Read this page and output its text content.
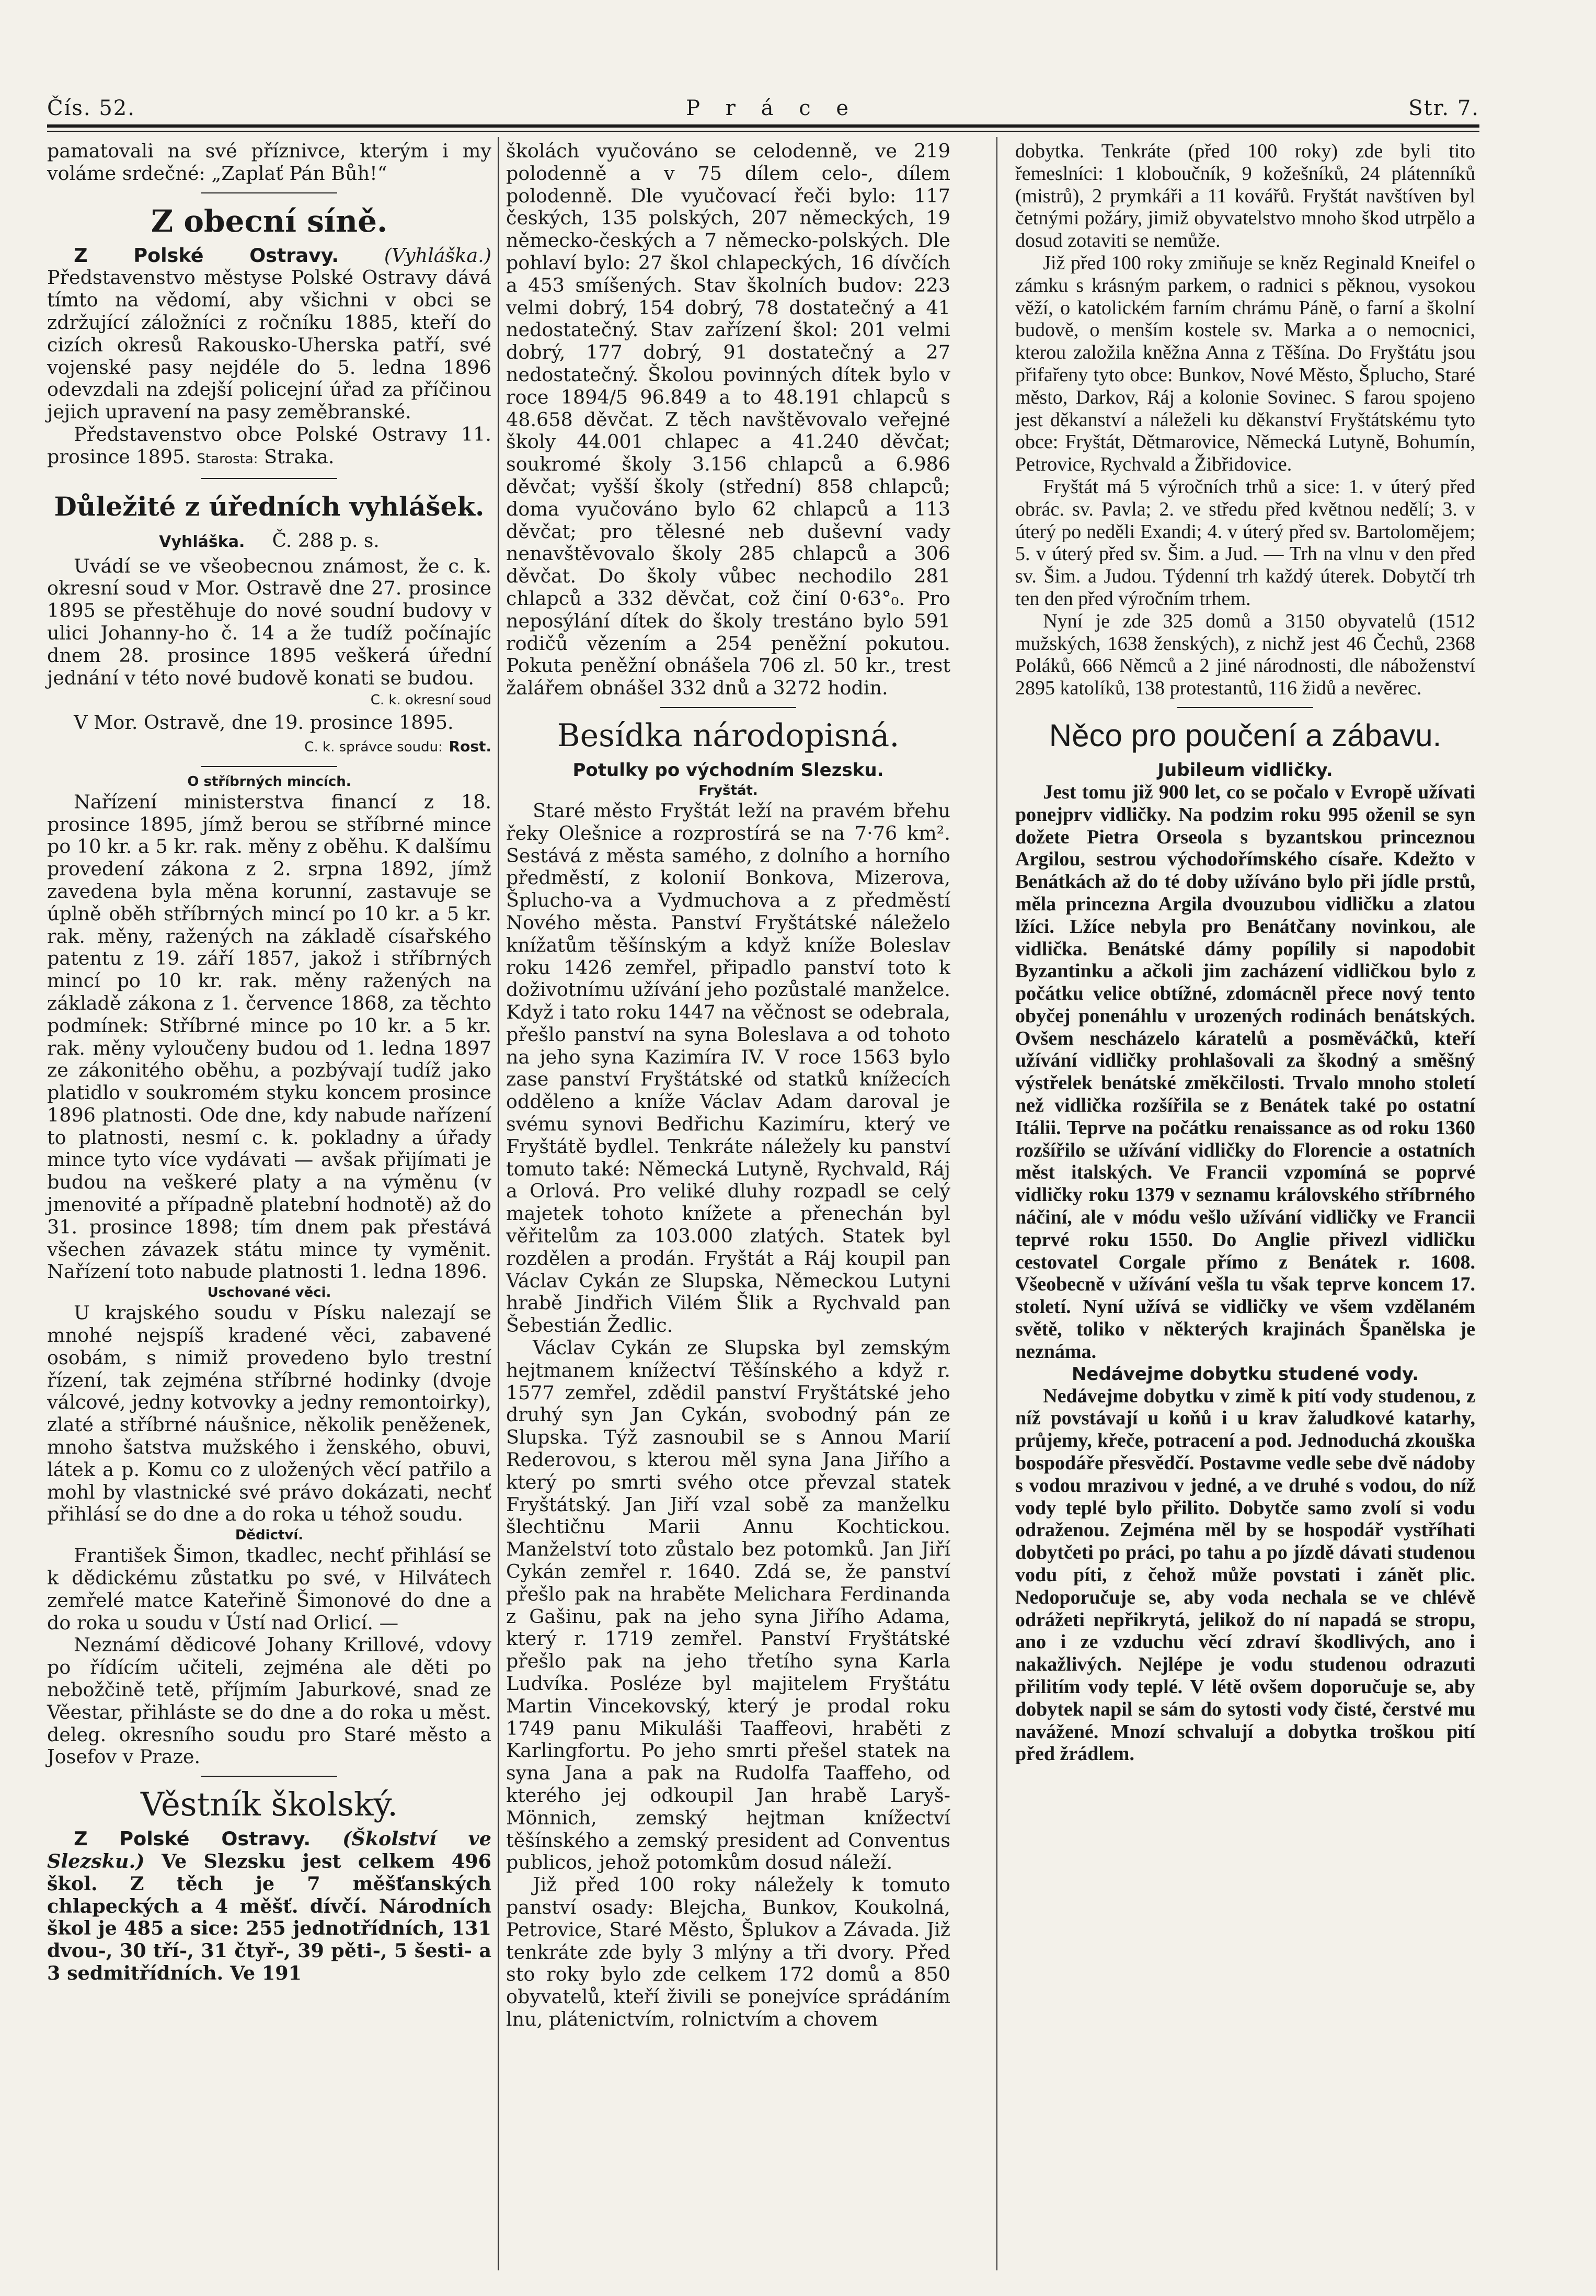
Čís. 52.	P r á c e	Str. 7.

pamatovali na své příznivce, kterým i my voláme srdečné: „Zaplať Pán Bůh!“

Z obecní síně.

Z Polské Ostravy. (Vyhláška.) Představenstvo městyse Polské Ostravy dává tímto na vědomí, aby všichni v obci se zdržující záložníci z ročníku 1885, kteří do cizích okresů Rakousko-Uherska patří, své vojenské pasy nejdéle do 5. ledna 1896 odevzdali na zdejší policejní úřad za příčinou jejich upravení na pasy zeměbranské.

Představenstvo obce Polské Ostravy 11. prosince 1895. Starosta: Straka.

Důležité z úředních vyhlášek.
Vyhláška. Č. 288 p. s.

Uvádí se ve všeobecnou známost, že c. k. okresní soud v Mor. Ostravě dne 27. prosince 1895 se přestěhuje do nové soudní budovy v ulici Johanny-ho č. 14 a že tudíž počínajíc dnem 28. prosince 1895 veškerá úřední jednání v této nové budově konati se budou.

C. k. okresní soud

V Mor. Ostravě, dne 19. prosince 1895.

C. k. správce soudu: Rost.
O stříbrných mincích.

Nařízení ministerstva financí z 18. prosince 1895, jímž berou se stříbrné mince po 10 kr. a 5 kr. rak. měny z oběhu. K dalšímu provedení zákona z 2. srpna 1892, jímž zavedena byla měna korunní, zastavuje se úplně oběh stříbrných mincí po 10 kr. a 5 kr. rak. měny, ražených na základě císařského patentu z 19. září 1857, jakož i stříbrných mincí po 10 kr. rak. měny ražených na základě zákona z 1. července 1868, za těchto podmínek: Stříbrné mince po 10 kr. a 5 kr. rak. měny vyloučeny budou od 1. ledna 1897 ze zákonitého oběhu, a pozbývají tudíž jako platidlo v soukromém styku koncem prosince 1896 platnosti. Ode dne, kdy nabude nařízení to platnosti, nesmí c. k. pokladny a úřady mince tyto více vydávati — avšak přijímati je budou na veškeré platy a na výměnu (v jmenovité a případně platební hodnotě) až do 31. prosince 1898; tím dnem pak přestává všechen závazek státu mince ty vyměnit. Nařízení toto nabude platnosti 1. ledna 1896.

Uschované věci.

U krajského soudu v Písku nalezají se mnohé nejspíš kradené věci, zabavené osobám, s nimiž provedeno bylo trestní řízení, tak zejména stříbrné hodinky (dvoje válcové, jedny kotvovky a jedny remontoirky), zlaté a stříbrné náušnice, několik peněženek, mnoho šatstva mužského i ženského, obuvi, látek a p. Komu co z uložených věcí patřilo a mohl by vlastnické své právo dokázati, nechť přihlásí se do dne a do roka u téhož soudu.

Dědictví.

František Šimon, tkadlec, nechť přihlásí se k dědickému zůstatku po své, v Hilvátech zemřelé matce Kateřině Šimonové do dne a do roka u soudu v Ústí nad Orlicí. —

Neznámí dědicové Johany Krillové, vdovy po řídícím učiteli, zejména ale děti po nebožčině tetě, příjmím Jaburkové, snad ze Věestar, přihláste se do dne a do roka u měst. deleg. okresního soudu pro Staré město a Josefov v Praze.

Věstník školský.

Z Polské Ostravy. (Školství ve Slezsku.) Ve Slezsku jest celkem 496 škol. Z těch je 7 měšťanských chlapeckých a 4 měšť. dívčí. Národních škol je 485 a sice: 255 jednotřídních, 131 dvou-, 30 tří-, 31 čtyř-, 39 pěti-, 5 šesti- a 3 sedmitřídních. Ve 191

školách vyučováno se celodenně, ve 219 polodenně a v 75 dílem celo-, dílem polodenně. Dle vyučovací řeči bylo: 117 českých, 135 polských, 207 německých, 19 německo-českých a 7 německo-polských. Dle pohlaví bylo: 27 škol chlapeckých, 16 dívčích a 453 smíšených. Stav školních budov: 223 velmi dobrý, 154 dobrý, 78 dostatečný a 41 nedostatečný. Stav zařízení škol: 201 velmi dobrý, 177 dobrý, 91 dostatečný a 27 nedostatečný. Školou povinných dítek bylo v roce 1894/5 96.849 a to 48.191 chlapců s 48.658 děvčat. Z těch navštěvovalo veřejné školy 44.001 chlapec a 41.240 děvčat; soukromé školy 3.156 chlapců a 6.986 děvčat; vyšší školy (střední) 858 chlapců; doma vyučováno bylo 62 chlapců a 113 děvčat; pro tělesné neb duševní vady nenavštěvovalo školy 285 chlapců a 306 děvčat. Do školy vůbec nechodilo 281 chlapců a 332 děvčat, což činí 0·63°₀. Pro neposýlání dítek do školy trestáno bylo 591 rodičů vězením a 254 peněžní pokutou. Pokuta peněžní obnášela 706 zl. 50 kr., trest žalářem obnášel 332 dnů a 3272 hodin.

Besídka národopisná.
Potulky po východním Slezsku.
Fryštát.

Staré město Fryštát leží na pravém břehu řeky Olešnice a rozprostírá se na 7·76 km². Sestává z města samého, z dolního a horního předměstí, z kolonií Bonkova, Mizerova, Šplucho-va a Vydmuchova a z předměstí Nového města. Panství Fryštátské náleželo knížatům těšínským a když kníže Boleslav roku 1426 zemřel, připadlo panství toto k doživotnímu užívání jeho pozůstalé manželce. Když i tato roku 1447 na věčnost se odebrala, přešlo panství na syna Boleslava a od tohoto na jeho syna Kazimíra IV. V roce 1563 bylo zase panství Fryštátské od statků knížecích odděleno a kníže Václav Adam daroval je svému synovi Bedřichu Kazimíru, který ve Fryštátě bydlel. Tenkráte náležely ku panství tomuto také: Německá Lutyně, Rychvald, Ráj a Orlová. Pro veliké dluhy rozpadl se celý majetek tohoto knížete a přenechán byl věřitelům za 103.000 zlatých. Statek byl rozdělen a prodán. Fryštát a Ráj koupil pan Václav Cykán ze Slupska, Německou Lutyni hrabě Jindřich Vilém Šlik a Rychvald pan Šebestián Žedlic.

Václav Cykán ze Slupska byl zemským hejtmanem knížectví Těšínského a když r. 1577 zemřel, zdědil panství Fryštátské jeho druhý syn Jan Cykán, svobodný pán ze Slupska. Týž zasnoubil se s Annou Marií Rederovou, s kterou měl syna Jana Jiřího a který po smrti svého otce převzal statek Fryštátský. Jan Jiří vzal sobě za manželku šlechtičnu Marii Annu Kochtickou. Manželství toto zůstalo bez potomků. Jan Jiří Cykán zemřel r. 1640. Zdá se, že panství přešlo pak na hraběte Melichara Ferdinanda z Gašinu, pak na jeho syna Jiřího Adama, který r. 1719 zemřel. Panství Fryštátské přešlo pak na jeho třetího syna Karla Ludvíka. Posléze byl majitelem Fryštátu Martin Vincekovský, který je prodal roku 1749 panu Mikuláši Taaffeovi, hraběti z Karlingfortu. Po jeho smrti přešel statek na syna Jana a pak na Rudolfa Taaffeho, od kterého jej odkoupil Jan hrabě Laryš-Mönnich, zemský hejtman knížectví těšínského a zemský president ad Conventus publicos, jehož potomkům dosud náleží.

Již před 100 roky náležely k tomuto panství osady: Blejcha, Bunkov, Koukolná, Petrovice, Staré Město, Šplukov a Závada. Již tenkráte zde byly 3 mlýny a tři dvory. Před sto roky bylo zde celkem 172 domů a 850 obyvatelů, kteří živili se ponejvíce sprádáním lnu, plátenictvím, rolnictvím a chovem

dobytka. Tenkráte (před 100 roky) zde byli tito řemeslníci: 1 kloboučník, 9 kožešníků, 24 plátenníků (mistrů), 2 prymkáři a 11 kovářů. Fryštát navštíven byl četnými požáry, jimiž obyvatelstvo mnoho škod utrpělo a dosud zotaviti se nemůže.

Již před 100 roky zmiňuje se kněz Reginald Kneifel o zámku s krásným parkem, o radnici s pěknou, vysokou věží, o katolickém farním chrámu Páně, o farní a školní budově, o menším kostele sv. Marka a o nemocnici, kterou založila kněžna Anna z Těšína. Do Fryštátu jsou přifařeny tyto obce: Bunkov, Nové Město, Šplucho, Staré město, Darkov, Ráj a kolonie Sovinec. S farou spojeno jest děkanství a náleželi ku děkanství Fryštátskému tyto obce: Fryštát, Dětmarovice, Německá Lutyně, Bohumín, Petrovice, Rychvald a Žibřidovice.

Fryštát má 5 výročních trhů a sice: 1. v úterý před obrác. sv. Pavla; 2. ve středu před květnou nedělí; 3. v úterý po neděli Exandi; 4. v úterý před sv. Bartolomějem; 5. v úterý před sv. Šim. a Jud. — Trh na vlnu v den před sv. Šim. a Judou. Týdenní trh každý úterek. Dobytčí trh ten den před výročním trhem.

Nyní je zde 325 domů a 3150 obyvatelů (1512 mužských, 1638 ženských), z nichž jest 46 Čechů, 2368 Poláků, 666 Němců a 2 jiné národnosti, dle náboženství 2895 katolíků, 138 protestantů, 116 židů a nevěrec.

Něco pro poučení a zábavu.
Jubileum vidličky.

Jest tomu již 900 let, co se počalo v Evropě užívati ponejprv vidličky. Na podzim roku 995 oženil se syn dožete Pietra Orseola s byzantskou princeznou Argilou, sestrou východořímského císaře. Kdežto v Benátkách až do té doby užíváno bylo při jídle prstů, měla princezna Argila dvouzubou vidličku a zlatou lžíci. Lžíce nebyla pro Benátčany novinkou, ale vidlička. Benátské dámy popílily si napodobit Byzantinku a ačkoli jim zacházení vidličkou bylo z počátku velice obtížné, zdomácněl přece nový tento obyčej ponenáhlu v urozených rodinách benátských. Ovšem nescházelo káratelů a posměváčků, kteří užívání vidličky prohlašovali za škodný a směšný výstřelek benátské změkčilosti. Trvalo mnoho století než vidlička rozšířila se z Benátek také po ostatní Itálii. Teprve na počátku renaissance as od roku 1360 rozšířilo se užívání vidličky do Florencie a ostatních měst italských. Ve Francii vzpomíná se poprvé vidličky roku 1379 v seznamu královského stříbrného náčiní, ale v módu vešlo užívání vidličky ve Francii teprvé roku 1550. Do Anglie přivezl vidličku cestovatel Corgale přímo z Benátek r. 1608. Všeobecně v užívání vešla tu však teprve koncem 17. století. Nyní užívá se vidličky ve všem vzdělaném světě, toliko v některých krajinách Španělska je neznáma.

Nedávejme dobytku studené vody.

Nedávejme dobytku v zimě k pití vody studenou, z níž povstávají u koňů i u krav žaludkové katarhy, průjemy, křeče, potracení a pod. Jednoduchá zkouška bospodáře přesvědčí. Postavme vedle sebe dvě nádoby s vodou mrazivou v jedné, a ve druhé s vodou, do níž vody teplé bylo přilito. Dobytče samo zvolí si vodu odraženou. Zejména měl by se hospodář vystříhati dobytčeti po práci, po tahu a po jízdě dávati studenou vodu píti, z čehož může povstati i zánět plic. Nedoporučuje se, aby voda nechala se ve chlévě odrážeti nepřikrytá, jelikož do ní napadá se stropu, ano i ze vzduchu věcí zdraví škodlivých, ano i nakažlivých. Nejlépe je vodu studenou odrazuti přilitím vody teplé. V létě ovšem doporučuje se, aby dobytek napil se sám do sytosti vody čisté, čerstvé mu navážené. Mnozí schvalují a dobytka troškou pití před žrádlem.
